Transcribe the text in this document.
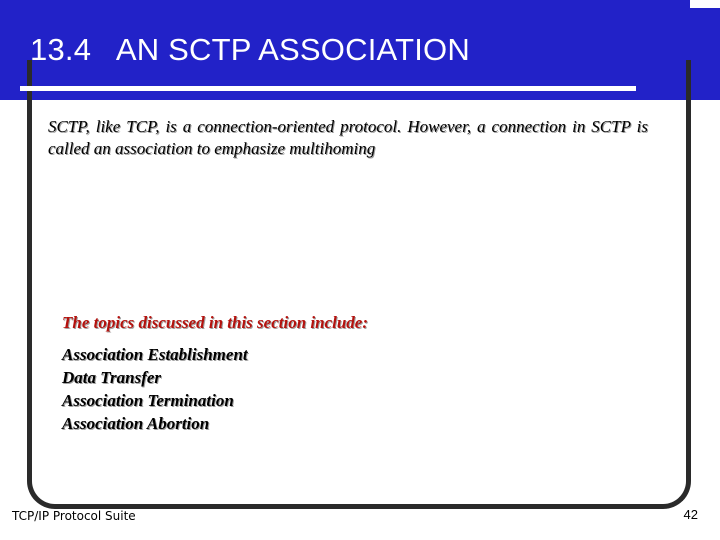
13.4   AN SCTP ASSOCIATION

SCTP, like TCP, is a connection-oriented protocol. However, a connection in SCTP is called an association to emphasize multihoming

The topics discussed in this section include:

Association Establishment
Data Transfer
Association Termination
Association Abortion

TCP/IP Protocol Suite	42
